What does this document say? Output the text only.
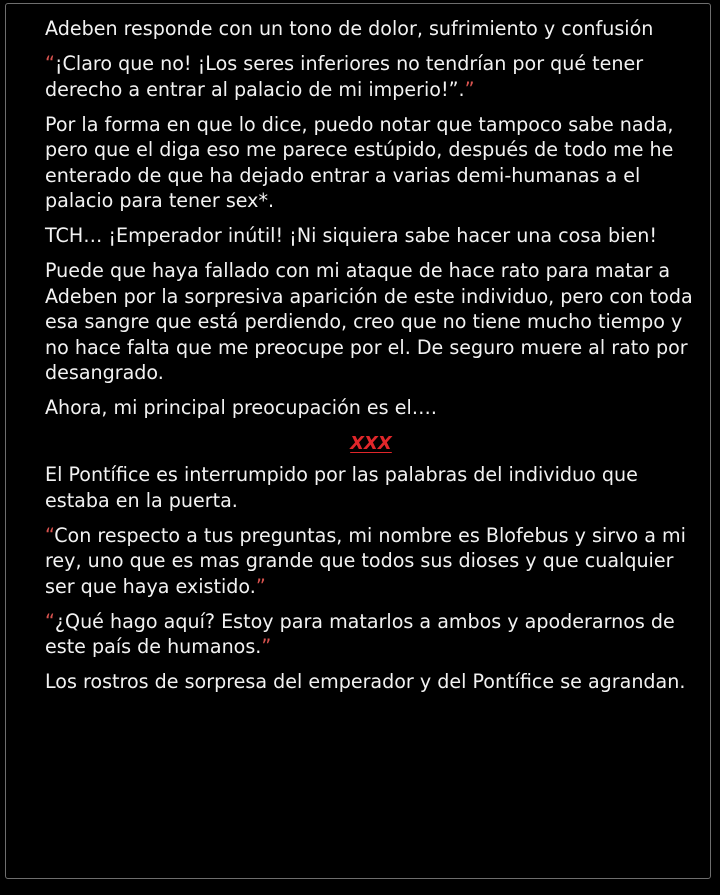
Adeben responde con un tono de dolor, sufrimiento y confusión

“¡Claro que no! ¡Los seres inferiores no tendrían por qué tener derecho a entrar al palacio de mi imperio!”.”

Por la forma en que lo dice, puedo notar que tampoco sabe nada, pero que el diga eso me parece estúpido, después de todo me he enterado de que ha dejado entrar a varias demi-humanas a el palacio para tener sex*.

TCH… ¡Emperador inútil! ¡Ni siquiera sabe hacer una cosa bien!

Puede que haya fallado con mi ataque de hace rato para matar a Adeben por la sorpresiva aparición de este individuo, pero con toda esa sangre que está perdiendo, creo que no tiene mucho tiempo y no hace falta que me preocupe por el. De seguro muere al rato por desangrado.

Ahora, mi principal preocupación es el….

XXX

El Pontífice es interrumpido por las palabras del individuo que estaba en la puerta.

“Con respecto a tus preguntas, mi nombre es Blofebus y sirvo a mi rey, uno que es mas grande que todos sus dioses y que cualquier ser que haya existido.”

“¿Qué hago aquí? Estoy para matarlos a ambos y apoderarnos de este país de humanos.”

Los rostros de sorpresa del emperador y del Pontífice se agrandan.
